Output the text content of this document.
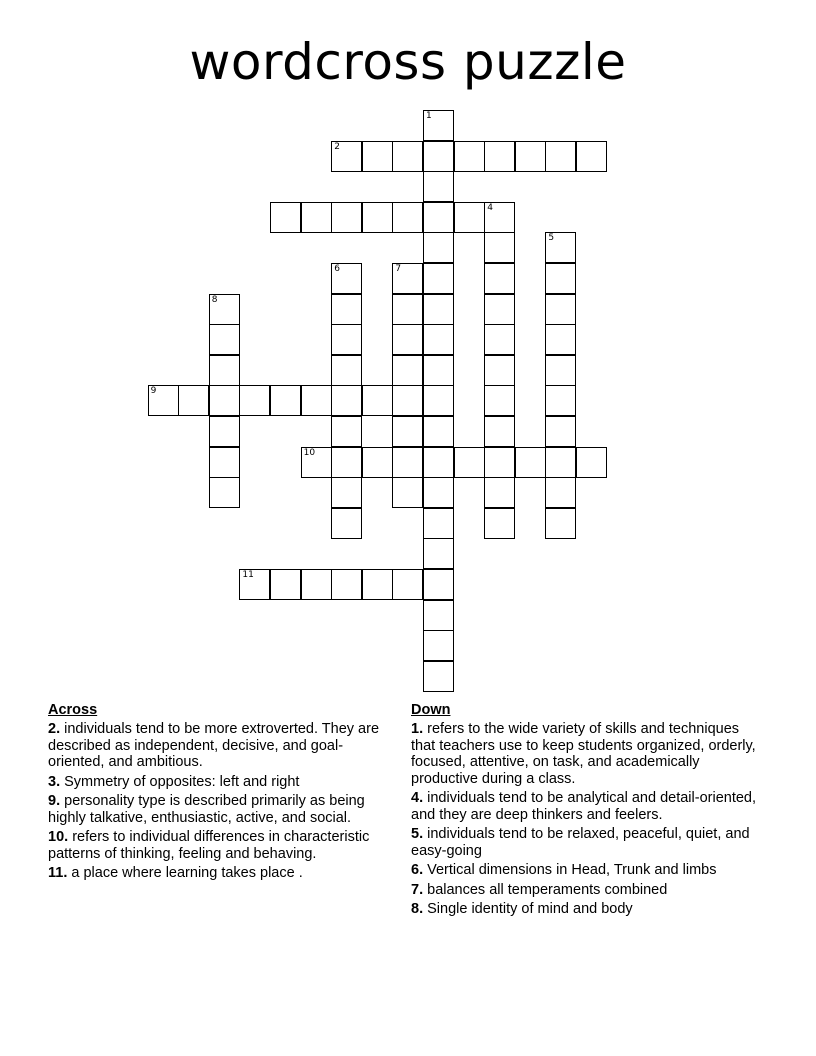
wordcross puzzle
1
2
4
5
6	7
8
9
10
11
Across
2. individuals tend to be more extroverted. They are described as independent, decisive, and goal-oriented, and ambitious.
3. Symmetry of opposites: left and right
9. personality type is described primarily as being highly talkative, enthusiastic, active, and social.
10. refers to individual differences in characteristic patterns of thinking, feeling and behaving.
11. a place where learning takes place .
Down
1. refers to the wide variety of skills and techniques that teachers use to keep students organized, orderly, focused, attentive, on task, and academically productive during a class.
4. individuals tend to be analytical and detail-oriented, and they are deep thinkers and feelers.
5. individuals tend to be relaxed, peaceful, quiet, and easy-going
6. Vertical dimensions in Head, Trunk and limbs
7. balances all temperaments combined
8. Single identity of mind and body
